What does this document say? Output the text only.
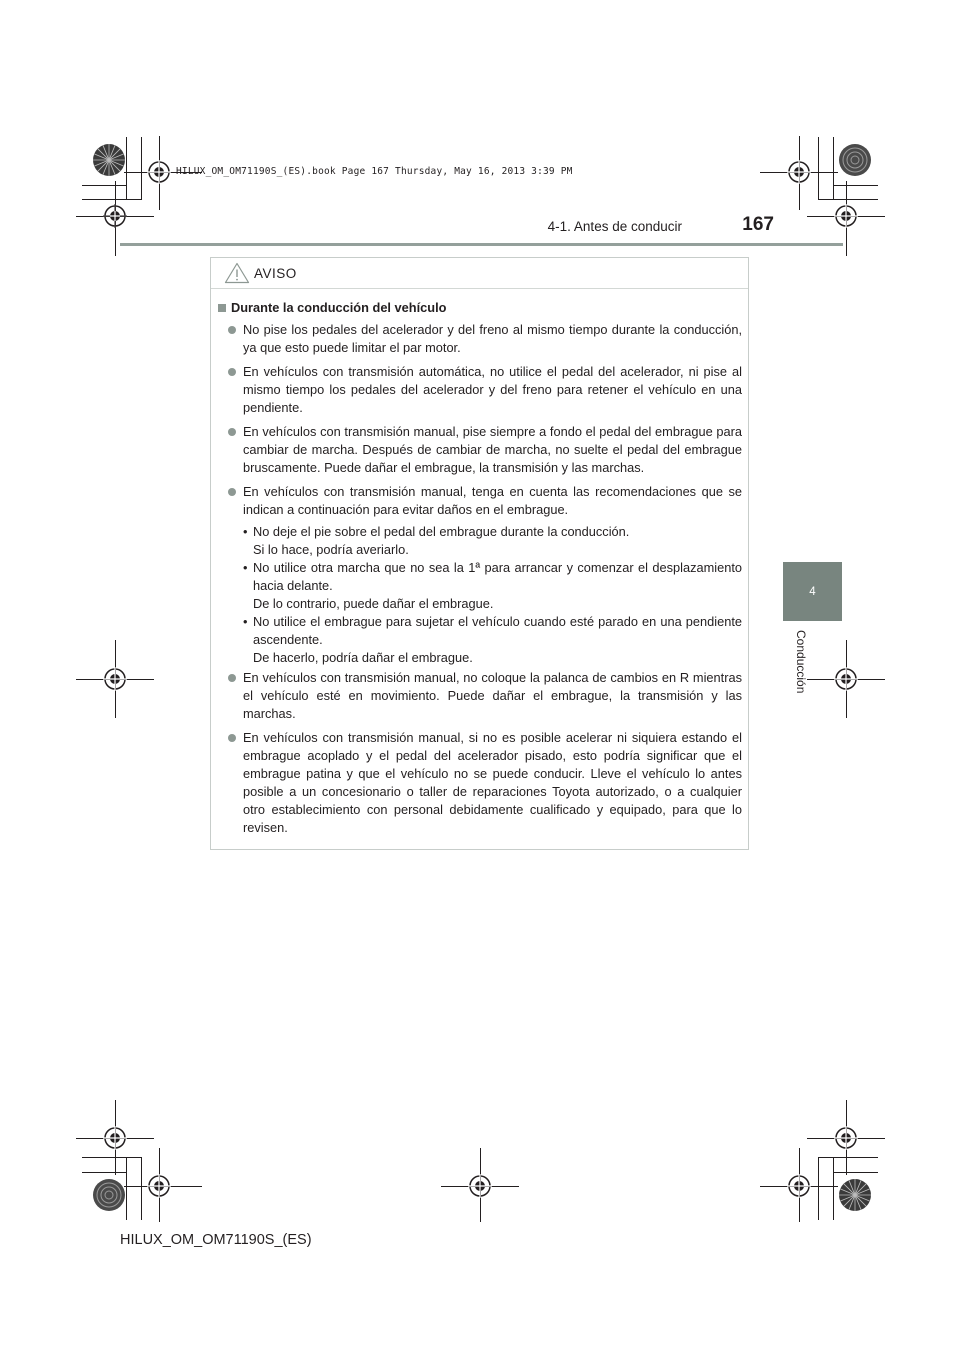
HILUX_OM_OM71190S_(ES).book Page 167 Thursday, May 16, 2013 3:39 PM
4-1. Antes de conducir	167
4
Conducción
AVISO
Durante la conducción del vehículo
No pise los pedales del acelerador y del freno al mismo tiempo durante la conducción, ya que esto puede limitar el par motor.
En vehículos con transmisión automática, no utilice el pedal del acelerador, ni pise al mismo tiempo los pedales del acelerador y del freno para retener el vehículo en una pendiente.
En vehículos con transmisión manual, pise siempre a fondo el pedal del embrague para cambiar de marcha. Después de cambiar de marcha, no suelte el pedal del embrague bruscamente. Puede dañar el embrague, la transmisión y las marchas.
En vehículos con transmisión manual, tenga en cuenta las recomendaciones que se indican a continuación para evitar daños en el embrague.
• No deje el pie sobre el pedal del embrague durante la conducción.
Si lo hace, podría averiarlo.
• No utilice otra marcha que no sea la 1ª para arrancar y comenzar el desplazamiento hacia delante.
De lo contrario, puede dañar el embrague.
• No utilice el embrague para sujetar el vehículo cuando esté parado en una pendiente ascendente.
De hacerlo, podría dañar el embrague.
En vehículos con transmisión manual, no coloque la palanca de cambios en R mientras el vehículo esté en movimiento. Puede dañar el embrague, la transmisión y las marchas.
En vehículos con transmisión manual, si no es posible acelerar ni siquiera estando el embrague acoplado y el pedal del acelerador pisado, esto podría significar que el embrague patina y que el vehículo no se puede conducir. Lleve el vehículo lo antes posible a un concesionario o taller de reparaciones Toyota autorizado, o a cualquier otro establecimiento con personal debidamente cualificado y equipado, para que lo revisen.
HILUX_OM_OM71190S_(ES)
